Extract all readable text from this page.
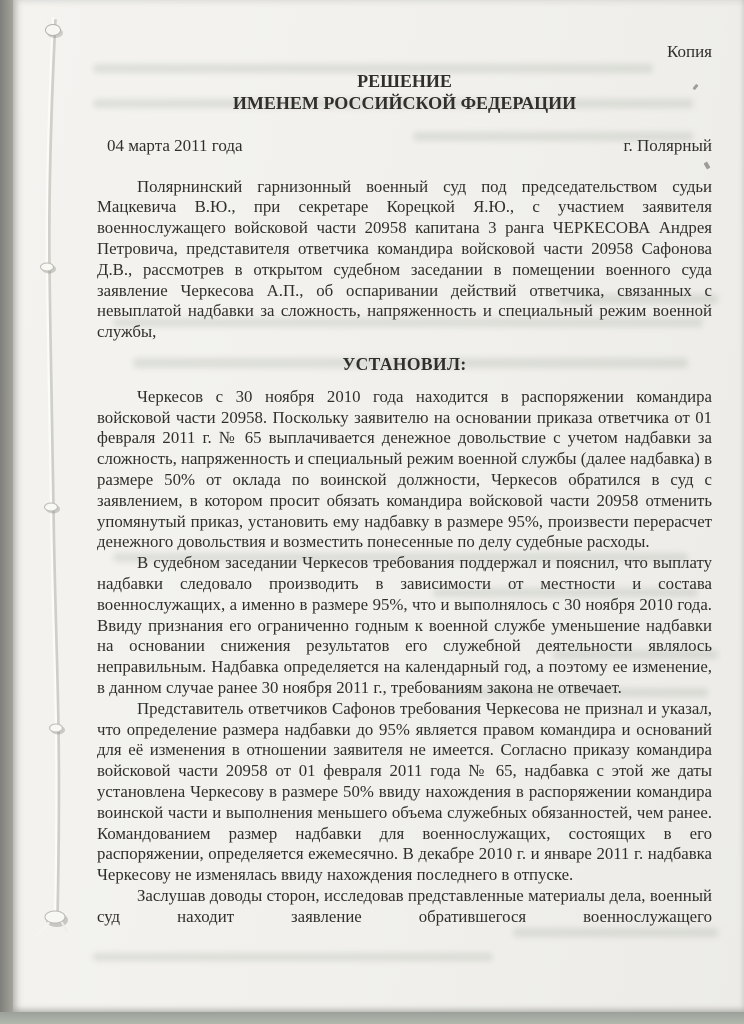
Копия
РЕШЕНИЕ
ИМЕНЕМ РОССИЙСКОЙ ФЕДЕРАЦИИ
04 марта 2011 года	г. Полярный

Полярнинский гарнизонный военный суд под председательством судьи Мацкевича В.Ю., при секретаре Корецкой Я.Ю., с участием заявителя военнослужащего войсковой части 20958 капитана 3 ранга ЧЕРКЕСОВА Андрея Петровича, представителя ответчика командира войсковой части 20958 Сафонова Д.В., рассмотрев в открытом судебном заседании в помещении военного суда заявление Черкесова А.П., об оспаривании действий ответчика, связанных с невыплатой надбавки за сложность, напряженность и специальный режим военной службы,

УСТАНОВИЛ:

Черкесов с 30 ноября 2010 года находится в распоряжении командира войсковой части 20958. Поскольку заявителю на основании приказа ответчика от 01 февраля 2011 г. № 65 выплачивается денежное довольствие с учетом надбавки за сложность, напряженность и специальный режим военной службы (далее надбавка) в размере 50% от оклада по воинской должности, Черкесов обратился в суд с заявлением, в котором просит обязать командира войсковой части 20958 отменить упомянутый приказ, установить ему надбавку в размере 95%, произвести перерасчет денежного довольствия и возместить понесенные по делу судебные расходы.

В судебном заседании Черкесов требования поддержал и пояснил, что выплату надбавки следовало производить в зависимости от местности и состава военнослужащих, а именно в размере 95%, что и выполнялось с 30 ноября 2010 года. Ввиду признания его ограниченно годным к военной службе уменьшение надбавки на основании снижения результатов его служебной деятельности являлось неправильным. Надбавка определяется на календарный год, а поэтому ее изменение, в данном случае ранее 30 ноября 2011 г., требованиям закона не отвечает.

Представитель ответчиков Сафонов требования Черкесова не признал и указал, что определение размера надбавки до 95% является правом командира и оснований для её изменения в отношении заявителя не имеется. Согласно приказу командира войсковой части 20958 от 01 февраля 2011 года № 65, надбавка с этой же даты установлена Черкесову в размере 50% ввиду нахождения в распоряжении командира воинской части и выполнения меньшего объема служебных обязанностей, чем ранее. Командованием размер надбавки для военнослужащих, состоящих в его распоряжении, определяется ежемесячно. В декабре 2010 г. и январе 2011 г. надбавка Черкесову не изменялась ввиду нахождения последнего в отпуске.

Заслушав доводы сторон, исследовав представленные материалы дела, военный суд находит заявление обратившегося военнослужащего
